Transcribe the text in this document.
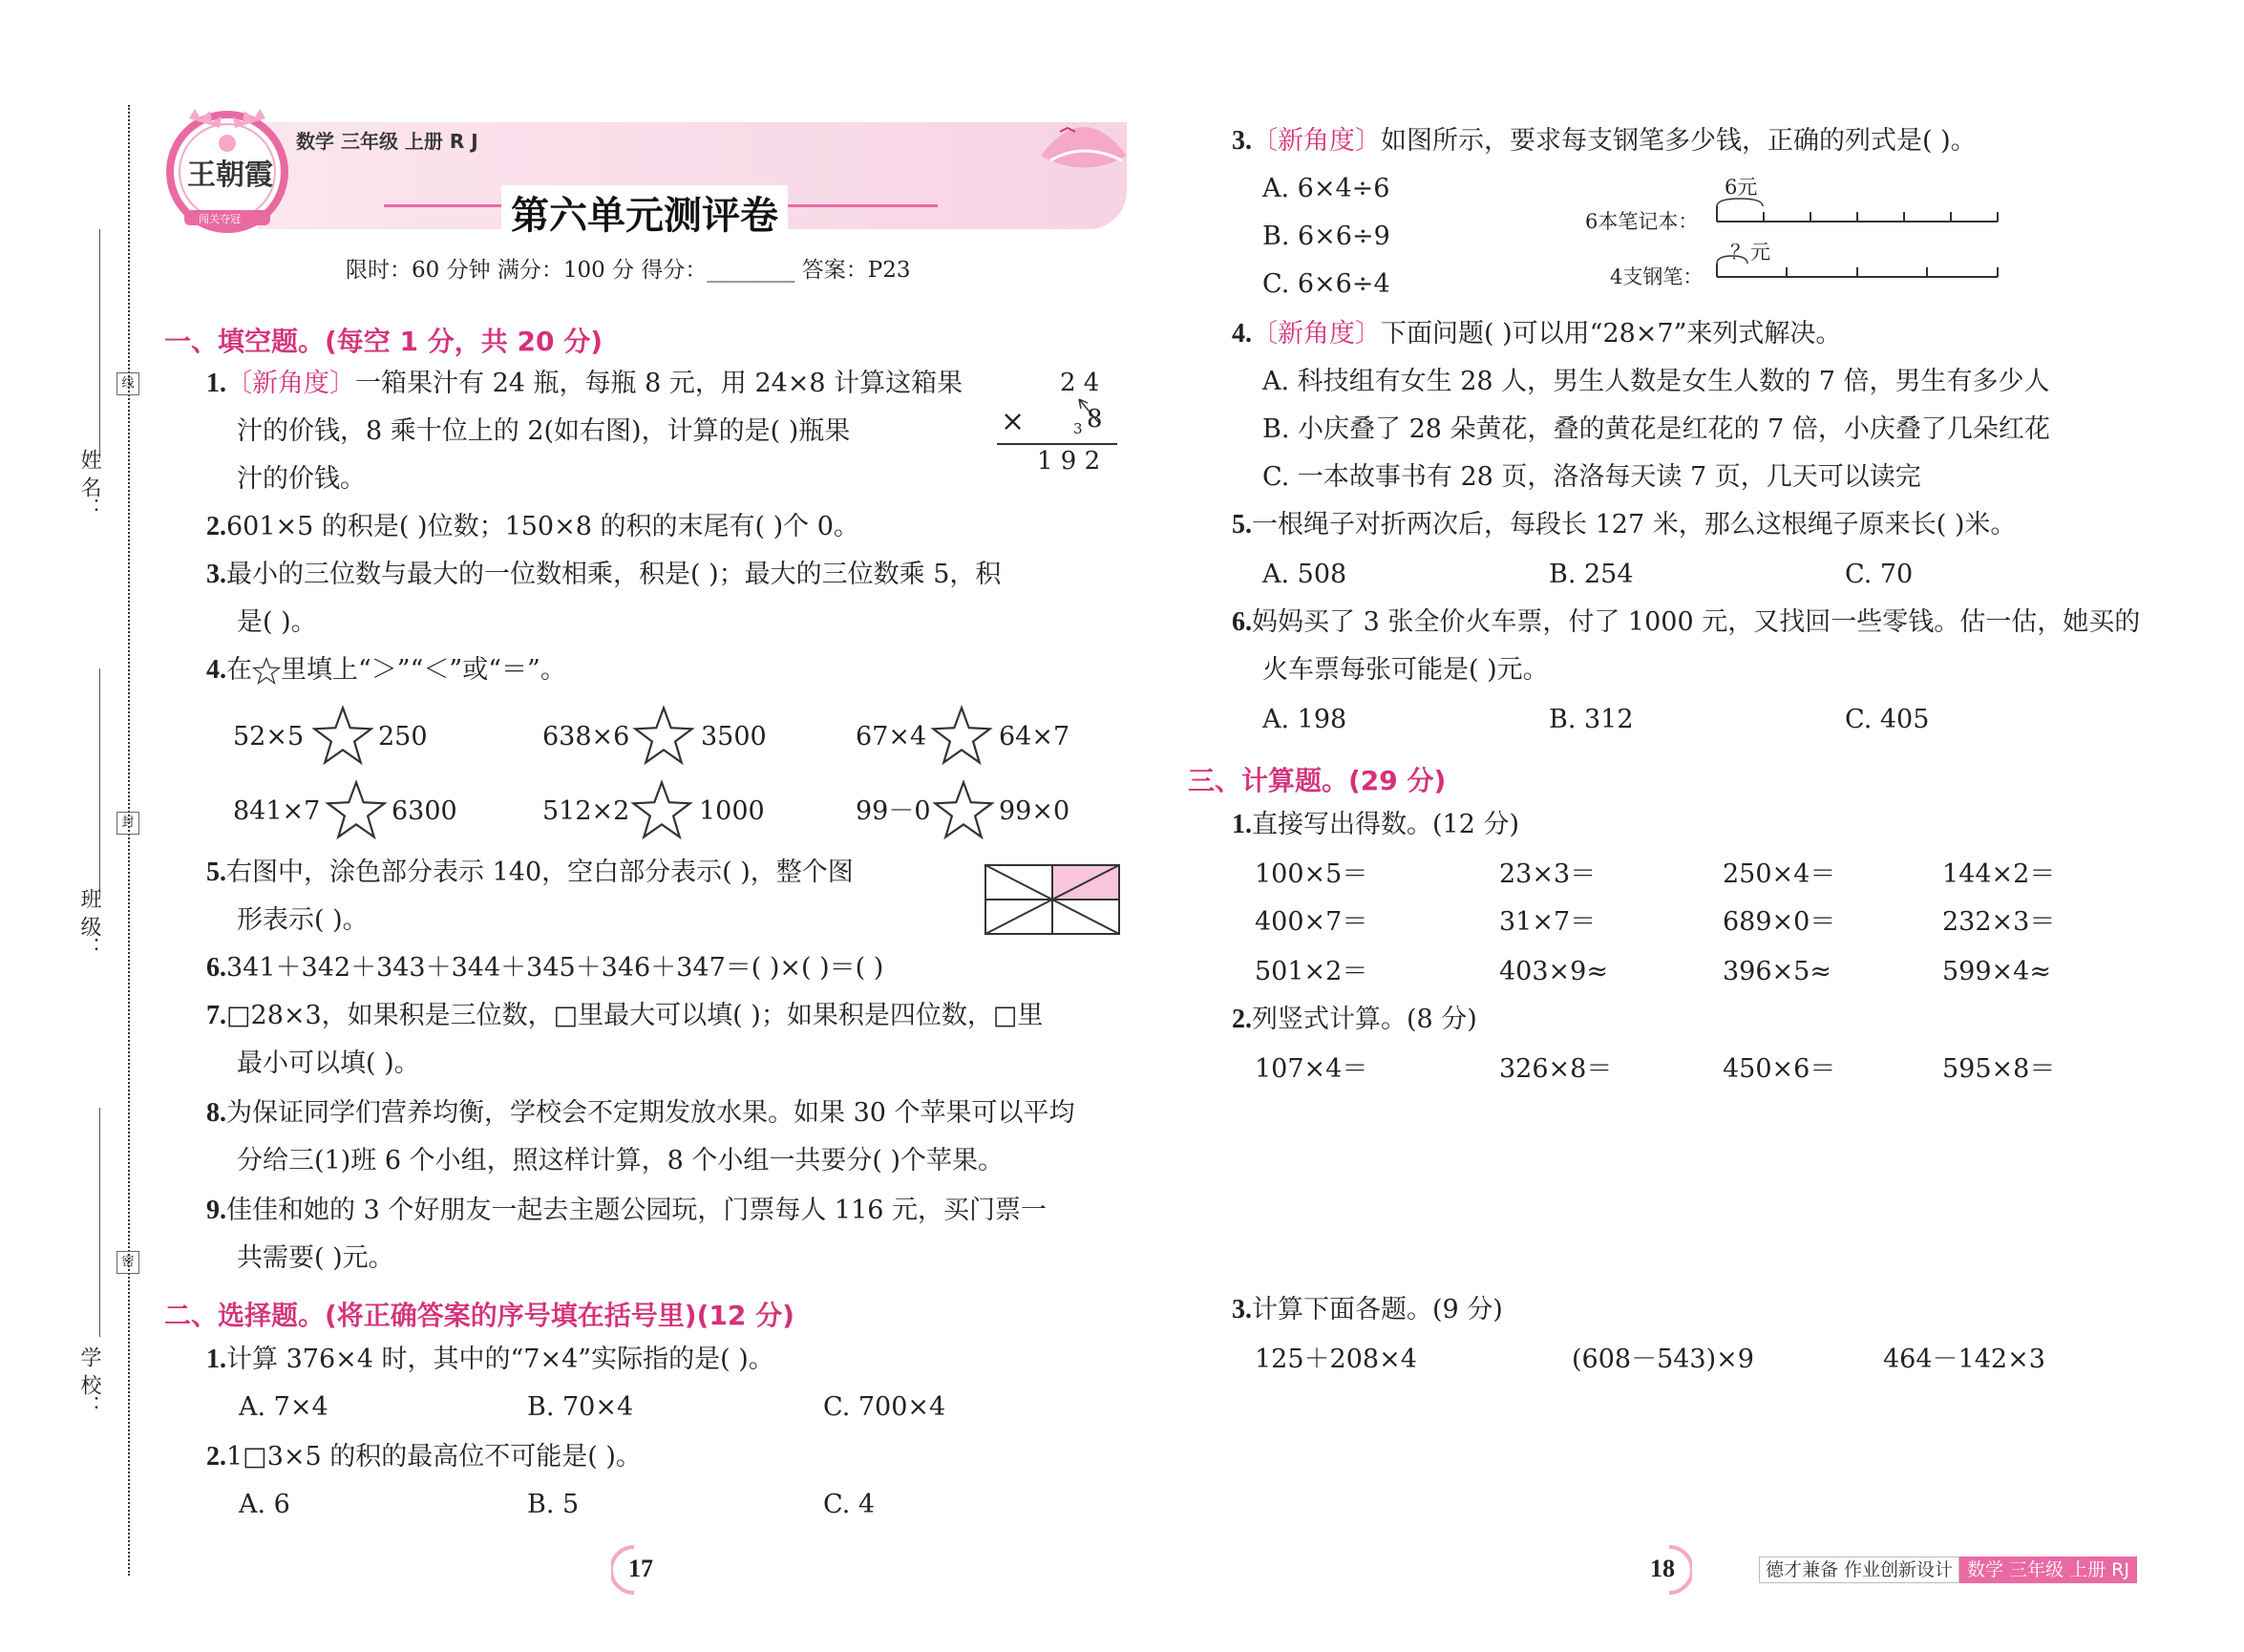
姓 名：
班 级：
学 校：
线
封
密
王朝霞
闯关夺冠
数学 三年级 上册 R J
第六单元测评卷
限时：60 分钟 满分：100 分 得分：________ 答案：P23
一、填空题。(每空 1 分，共 20 分)
1.〔新角度〕一箱果汁有 24 瓶，每瓶 8 元，用 24×8 计算这箱果
汁的价钱，8 乘十位上的 2(如右图)，计算的是( )瓶果
汁的价钱。
2 4
×	3 8
1 9 2
2.601×5 的积是( )位数；150×8 的积的末尾有( )个 0。
3.最小的三位数与最大的一位数相乘，积是( )；最大的三位数乘 5，积
是( )。
4.在 里填上“＞”“＜”或“＝”。
52×5	250	638×6	3500	67×4	64×7
841×7	6300	512×2	1000	99－0	99×0
5.右图中，涂色部分表示 140，空白部分表示( )，整个图
形表示( )。
6.341＋342＋343＋344＋345＋346＋347＝( )×( )＝( )
7.□28×3，如果积是三位数，□里最大可以填( )；如果积是四位数，□里
最小可以填( )。
8.为保证同学们营养均衡，学校会不定期发放水果。如果 30 个苹果可以平均
分给三(1)班 6 个小组，照这样计算，8 个小组一共要分( )个苹果。
9.佳佳和她的 3 个好朋友一起去主题公园玩，门票每人 116 元，买门票一
共需要( )元。
二、选择题。(将正确答案的序号填在括号里)(12 分)
1.计算 376×4 时，其中的“7×4”实际指的是( )。
A. 7×4	B. 70×4	C. 700×4
2.1□3×5 的积的最高位不可能是( )。
A. 6	B. 5	C. 4
17
3.〔新角度〕如图所示，要求每支钢笔多少钱，正确的列式是( )。
A. 6×4÷6
B. 6×6÷9
C. 6×6÷4
6元
6本笔记本：
？元
4支钢笔：
4.〔新角度〕下面问题( )可以用“28×7”来列式解决。
A. 科技组有女生 28 人，男生人数是女生人数的 7 倍，男生有多少人
B. 小庆叠了 28 朵黄花，叠的黄花是红花的 7 倍，小庆叠了几朵红花
C. 一本故事书有 28 页，洛洛每天读 7 页，几天可以读完
5.一根绳子对折两次后，每段长 127 米，那么这根绳子原来长( )米。
A. 508	B. 254	C. 70
6.妈妈买了 3 张全价火车票，付了 1000 元，又找回一些零钱。估一估，她买的
火车票每张可能是( )元。
A. 198	B. 312	C. 405
三、计算题。(29 分)
1.直接写出得数。(12 分)
100×5＝	23×3＝	250×4＝	144×2＝
400×7＝	31×7＝	689×0＝	232×3＝
501×2＝	403×9≈	396×5≈	599×4≈
2.列竖式计算。(8 分)
107×4＝	326×8＝	450×6＝	595×8＝
3.计算下面各题。(9 分)
125＋208×4	(608－543)×9	464－142×3
18	德才兼备 作业创新设计 数学 三年级 上册 RJ
